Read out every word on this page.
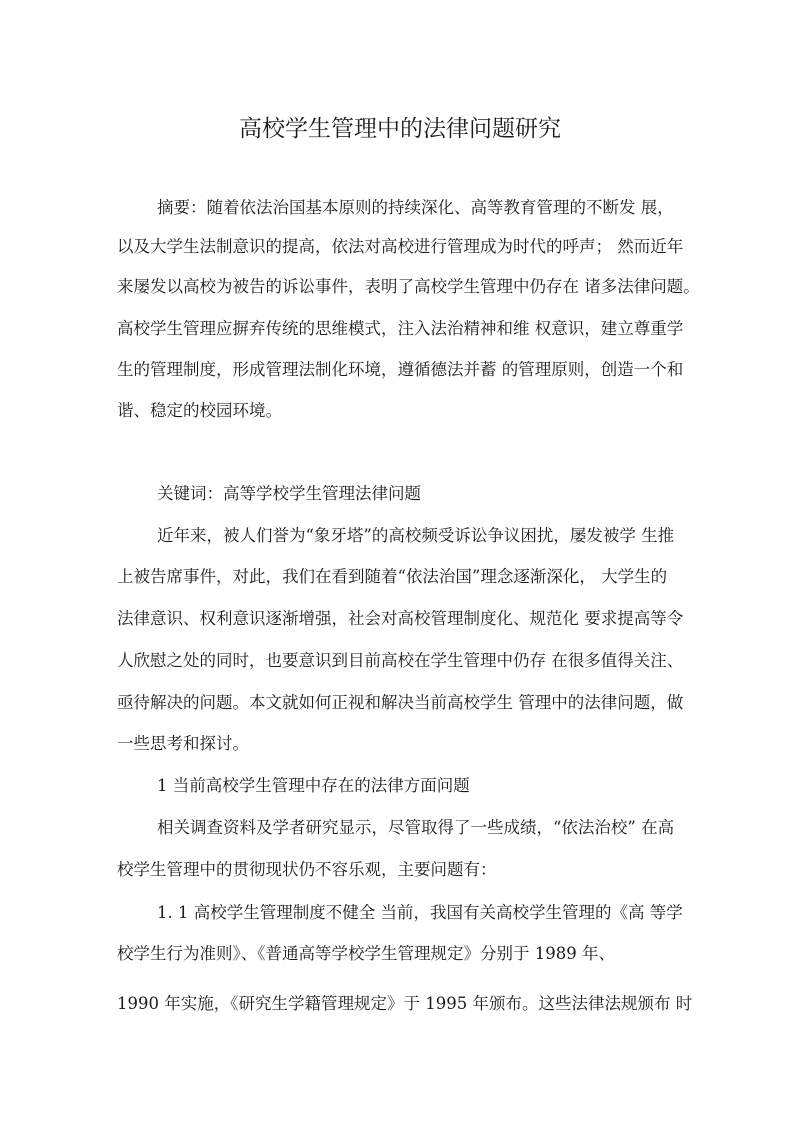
高校学生管理中的法律问题研究

摘要：随着依法治国基本原则的持续深化、高等教育管理的不断发 展，

以及大学生法制意识的提高，依法对高校进行管理成为时代的呼声； 然而近年

来屡发以高校为被告的诉讼事件，表明了高校学生管理中仍存在 诸多法律问题。

高校学生管理应摒弃传统的思维模式，注入法治精神和维 权意识，建立尊重学

生的管理制度，形成管理法制化环境，遵循德法并蓄 的管理原则，创造一个和

谐、稳定的校园环境。

关键词：高等学校学生管理法律问题

近年来，被人们誉为“象牙塔”的高校频受诉讼争议困扰，屡发被学 生推

上被告席事件，对此，我们在看到随着“依法治国”理念逐渐深化， 大学生的

法律意识、权利意识逐渐增强，社会对高校管理制度化、规范化 要求提高等令

人欣慰之处的同时，也要意识到目前高校在学生管理中仍存 在很多值得关注、

亟待解决的问题。本文就如何正视和解决当前高校学生 管理中的法律问题，做

一些思考和探讨。

1 当前高校学生管理中存在的法律方面问题

相关调查资料及学者研究显示，尽管取得了一些成绩，“依法治校” 在高

校学生管理中的贯彻现状仍不容乐观，主要问题有：

1. 1 高校学生管理制度不健全 当前，我国有关高校学生管理的《高 等学

校学生行为准则》、《普通高等学校学生管理规定》分别于 1989 年、

1990 年实施，《研究生学籍管理规定》于 1995 年颁布。这些法律法规颁布 时
